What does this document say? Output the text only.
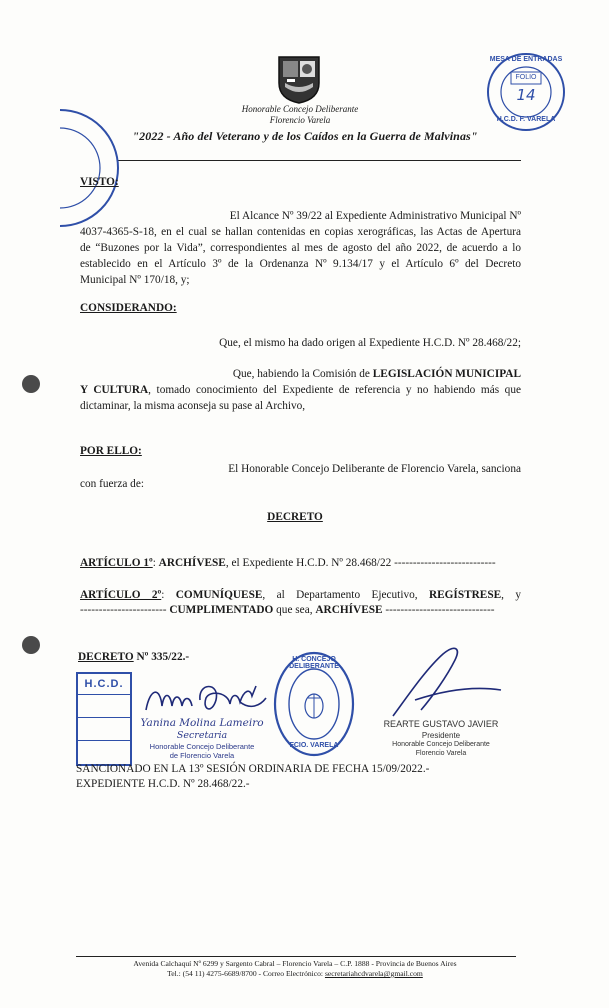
Honorable Concejo Deliberante
Florencio Varela
"2022 - Año del Veterano y de los Caídos en la Guerra de Malvinas"
MESA DE ENTRADAS
FOLIO
14
H.C.D. F. VARELA
VISTO:
El Alcance Nº 39/22 al Expediente Administrativo Municipal Nº
4037-4365-S-18, en el cual se hallan contenidas en copias xerográficas, las Actas de Apertura
de “Buzones por la Vida”, correspondientes al mes de agosto del año 2022, de acuerdo a lo
establecido en el Artículo 3º de la Ordenanza Nº 9.134/17 y el Artículo 6º del Decreto
Municipal Nº 170/18, y;
CONSIDERANDO:
Que, el mismo ha dado origen al Expediente H.C.D. Nº 28.468/22;
Que, habiendo la Comisión de LEGISLACIÓN MUNICIPAL
Y CULTURA, tomado conocimiento del Expediente de referencia y no habiendo más que
dictaminar, la misma aconseja su pase al Archivo,
POR ELLO:
El Honorable Concejo Deliberante de Florencio Varela, sanciona
con fuerza de:
DECRETO
ARTÍCULO 1º: ARCHÍVESE, el Expediente H.C.D. Nº 28.468/22 ---------------------------
ARTÍCULO 2º: COMUNÍQUESE, al Departamento Ejecutivo, REGÍSTRESE, y
----------------------- CUMPLIMENTADO que sea, ARCHÍVESE -----------------------------
DECRETO Nº 335/22.-
H.C.D.
Yanina Molina Lameiro
Secretaria
Honorable Concejo Deliberante
de Florencio Varela
H. CONCEJO DELIBERANTE
FCIO. VARELA
REARTE GUSTAVO JAVIER
Presidente
Honorable Concejo Deliberante
Florencio Varela
SANCIONADO EN LA 13º SESIÓN ORDINARIA DE FECHA 15/09/2022.-
EXPEDIENTE H.C.D. Nº 28.468/22.-
Avenida Calchaquí Nº 6299 y Sargento Cabral – Florencio Varela – C.P. 1888 - Provincia de Buenos Aires
Tel.: (54 11) 4275-6689/8700 - Correo Electrónico: secretariahcdvarela@gmail.com
